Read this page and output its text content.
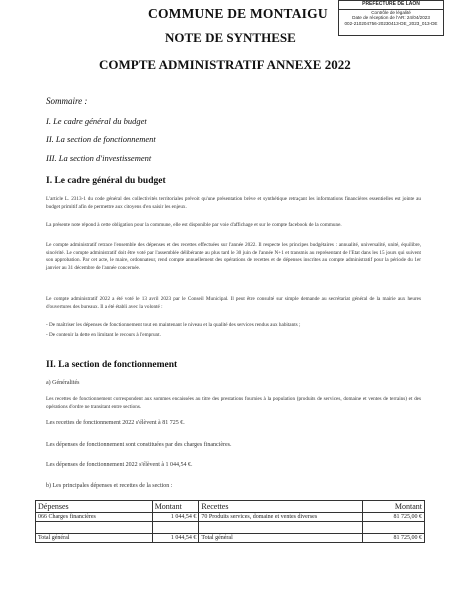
COMMUNE DE MONTAIGU
NOTE DE SYNTHESE
COMPTE ADMINISTRATIF ANNEXE 2022
PREFECTURE DE LAON
Contrôle de légalité
Date de réception de l'AR: 24/04/2023
002-210204756-20230413-DE_2023_013-DE
Sommaire :
I. Le cadre général du budget
II. La section de fonctionnement
III. La section d'investissement
I. Le cadre général du budget
L'article L. 2313-1 du code général des collectivités territoriales prévoit qu'une présentation brève et synthétique retraçant les informations financières essentielles est jointe au budget primitif afin de permettre aux citoyens d'en saisir les enjeux.
La présente note répond à cette obligation pour la commune, elle est disponible par voie d'affichage et sur le compte facebook de la commune.
Le compte administratif retrace l'ensemble des dépenses et des recettes effectuées sur l'année 2022. Il respecte les principes budgétaires : annualité, universalité, unité, équilibre, sincérité. Le compte administratif doit être voté par l'assemblée délibérante au plus tard le 30 juin de l'année N+1 et transmis au représentant de l'Etat dans les 15 jours qui suivent son approbation. Par cet acte, le maire, ordonnateur, rend compte annuellement des opérations de recettes et de dépenses inscrites au compte administratif pour la période du 1er janvier au 31 décembre de l'année concernée.
Le compte administratif 2022 a été voté le 13 avril 2023 par le Conseil Municipal. Il peut être consulté sur simple demande au secrétariat général de la mairie aux heures d'ouvertures des bureaux. Il a été établi avec la volonté :
- De maîtriser les dépenses de fonctionnement tout en maintenant le niveau et la qualité des services rendus aux habitants ;
- De contenir la dette en limitant le recours à l'emprunt.
II. La section de fonctionnement
a) Généralités
Les recettes de fonctionnement correspondent aux sommes encaissées au titre des prestations fournies à la population (produits de services, domaine et ventes de terrains) et des opérations d'ordre ne transitant entre sections.
Les recettes de fonctionnement 2022 s'élèvent à 81 725 €.
Les dépenses de fonctionnement sont constituées par des charges financières.
Les dépenses de fonctionnement 2022 s'élèvent à 1 044,54 €.
b) Les principales dépenses et recettes de la section :
Dépenses	Montant	Recettes	Montant
066 Charges financières	1 044,54 €	70 Produits services, domaine et ventes diverses	81 725,00 €

Total général	1 044,54 €	Total général	81 725,00 €
